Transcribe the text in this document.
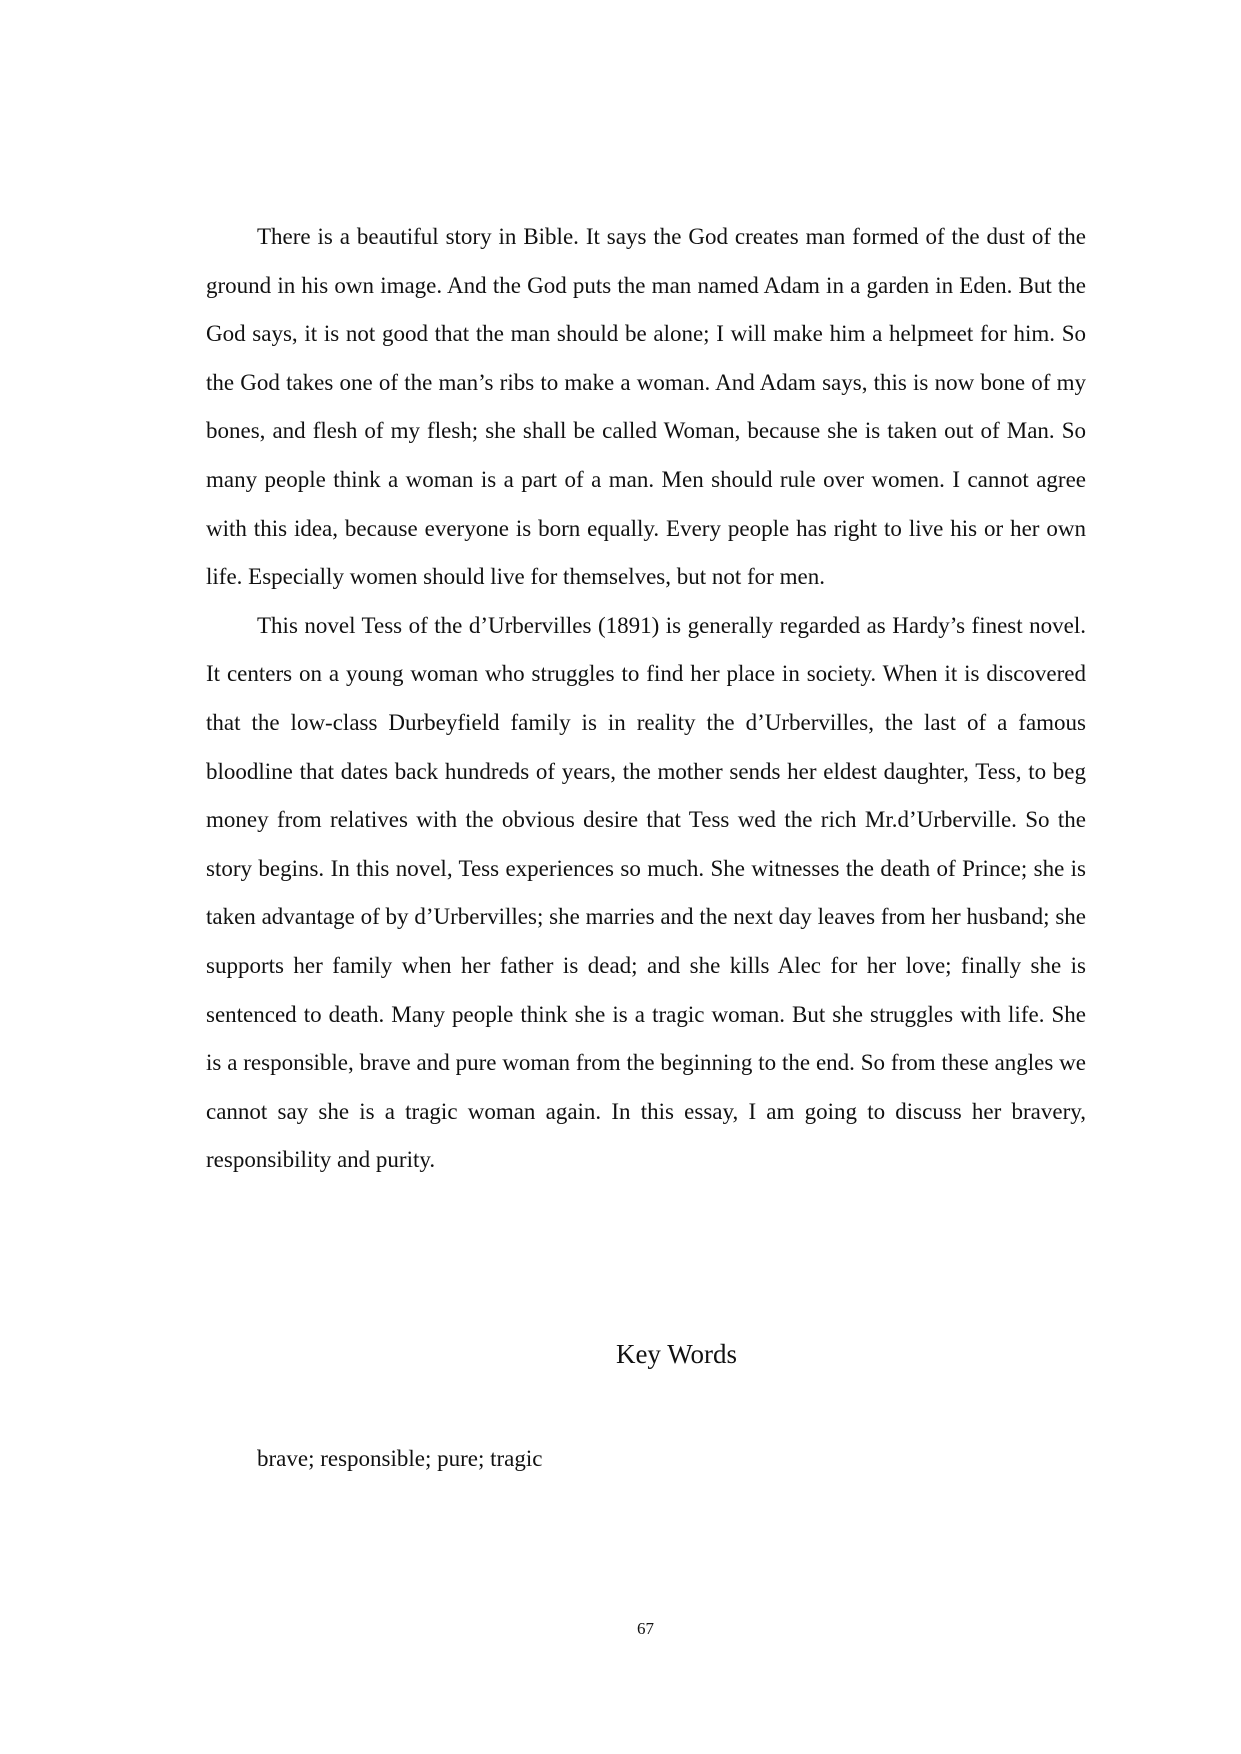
There is a beautiful story in Bible. It says the God creates man formed of the dust of the ground in his own image. And the God puts the man named Adam in a garden in Eden. But the God says, it is not good that the man should be alone; I will make him a helpmeet for him. So the God takes one of the man’s ribs to make a woman. And Adam says, this is now bone of my bones, and flesh of my flesh; she shall be called Woman, because she is taken out of Man. So many people think a woman is a part of a man. Men should rule over women. I cannot agree with this idea, because everyone is born equally. Every people has right to live his or her own life. Especially women should live for themselves, but not for men.

This novel Tess of the d’Urbervilles (1891) is generally regarded as Hardy’s finest novel. It centers on a young woman who struggles to find her place in society. When it is discovered that the low-class Durbeyfield family is in reality the d’Urbervilles, the last of a famous bloodline that dates back hundreds of years, the mother sends her eldest daughter, Tess, to beg money from relatives with the obvious desire that Tess wed the rich Mr.d’Urberville. So the story begins. In this novel, Tess experiences so much. She witnesses the death of Prince; she is taken advantage of by d’Urbervilles; she marries and the next day leaves from her husband; she supports her family when her father is dead; and she kills Alec for her love; finally she is sentenced to death. Many people think she is a tragic woman. But she struggles with life. She is a responsible, brave and pure woman from the beginning to the end. So from these angles we cannot say she is a tragic woman again. In this essay, I am going to discuss her bravery, responsibility and purity.

Key Words

brave; responsible; pure; tragic

67
